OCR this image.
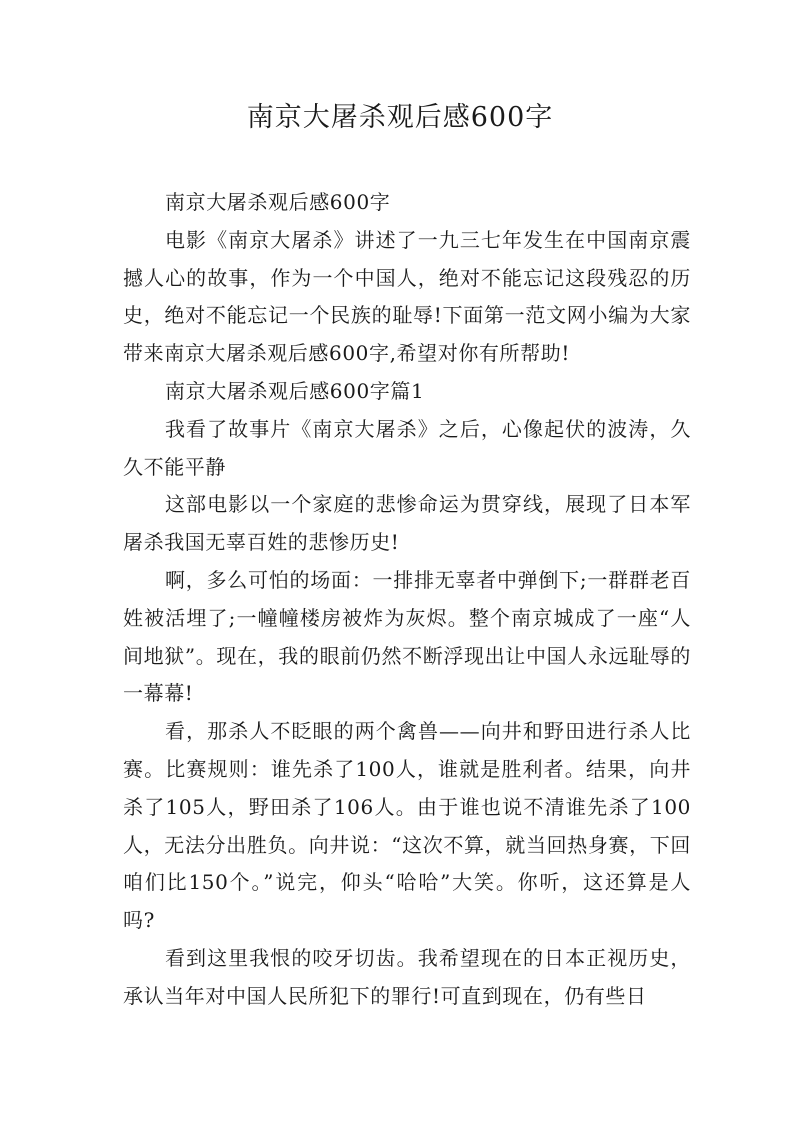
南京大屠杀观后感600字

南京大屠杀观后感600字

电影《南京大屠杀》讲述了一九三七年发生在中国南京震撼人心的故事，作为一个中国人，绝对不能忘记这段残忍的历史，绝对不能忘记一个民族的耻辱!下面第一范文网小编为大家带来南京大屠杀观后感600字,希望对你有所帮助!

南京大屠杀观后感600字篇1

我看了故事片《南京大屠杀》之后，心像起伏的波涛，久久不能平静

这部电影以一个家庭的悲惨命运为贯穿线，展现了日本军屠杀我国无辜百姓的悲惨历史!

啊，多么可怕的场面：一排排无辜者中弹倒下;一群群老百姓被活埋了;一幢幢楼房被炸为灰烬。整个南京城成了一座“人间地狱”。现在，我的眼前仍然不断浮现出让中国人永远耻辱的一幕幕!

看，那杀人不眨眼的两个禽兽——向井和野田进行杀人比赛。比赛规则：谁先杀了100人，谁就是胜利者。结果，向井杀了105人，野田杀了106人。由于谁也说不清谁先杀了100人，无法分出胜负。向井说：“这次不算，就当回热身赛，下回咱们比150个。”说完，仰头“哈哈”大笑。你听，这还算是人吗?

看到这里我恨的咬牙切齿。我希望现在的日本正视历史，承认当年对中国人民所犯下的罪行!可直到现在，仍有些日
